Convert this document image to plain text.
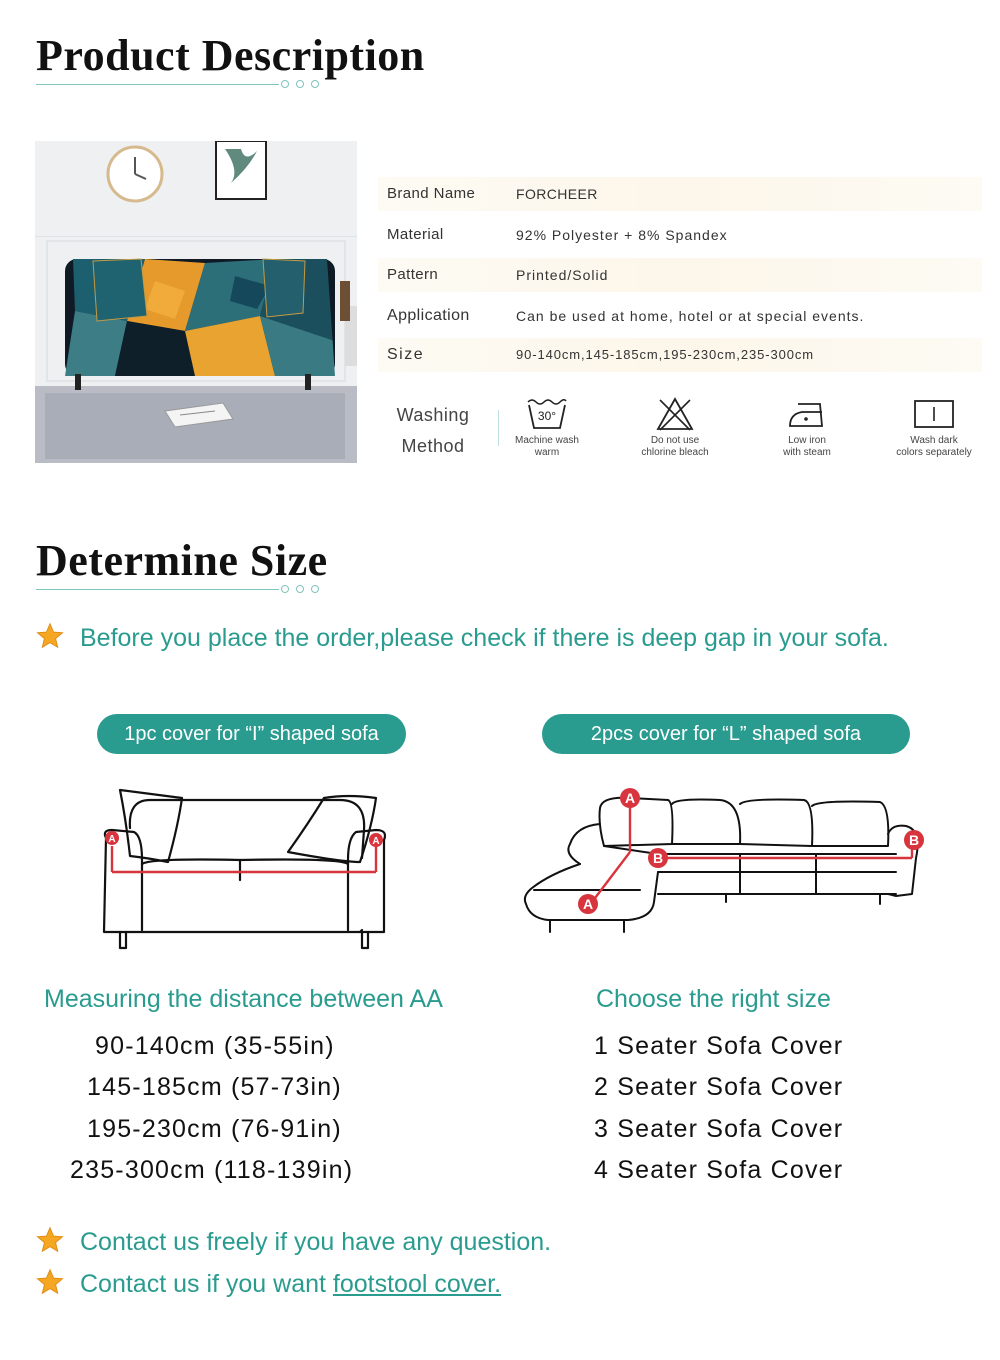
Product Description
Brand Name	FORCHEER
Material	92% Polyester + 8% Spandex
Pattern	Printed/Solid
Application	Can be used at home, hotel or at special events.
Size	90-140cm,145-185cm,195-230cm,235-300cm
Washing
Method
30°
Machine wash
warm
Do not use
chlorine bleach
Low iron
with steam
Wash dark
colors separately
Determine Size
Before you place the order,please check if there is deep gap in your sofa.
1pc cover for “I” shaped sofa	2pcs cover for “L” shaped sofa
A	A
A
A
B
B
Measuring the distance between AA	Choose the right size
90-140cm (35-55in)
145-185cm (57-73in)
195-230cm (76-91in)
235-300cm (118-139in)
1 Seater Sofa Cover
2 Seater Sofa Cover
3 Seater Sofa Cover
4 Seater Sofa Cover
Contact us freely if you have any question.
Contact us if you want footstool cover.
